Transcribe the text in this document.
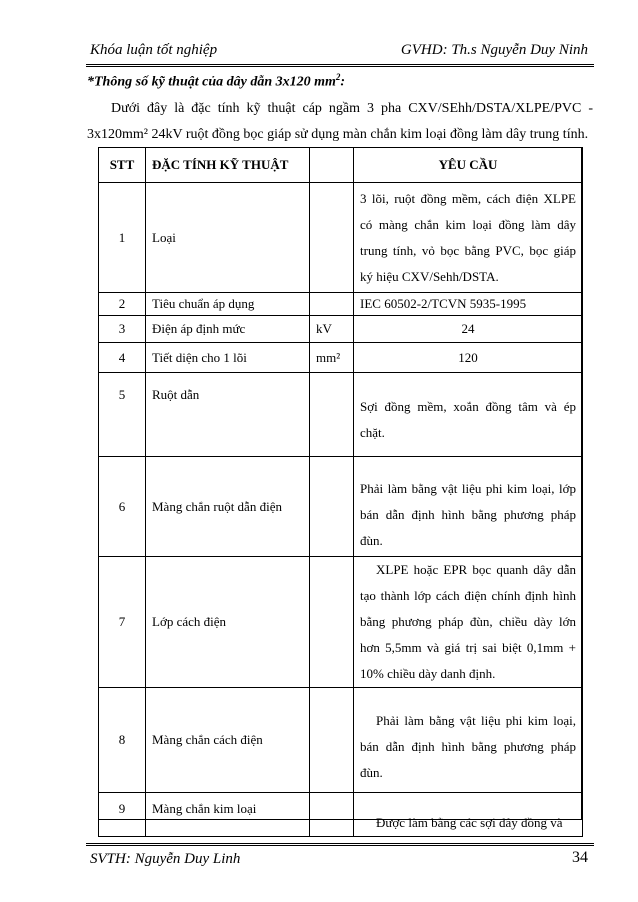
Khóa luận tốt nghiệp	GVHD: Th.s Nguyễn Duy Ninh
*Thông số kỹ thuật của dây dẫn 3x120 $mm^2$:
Dưới đây là đặc tính kỹ thuật cáp ngầm 3 pha CXV/SEhh/DSTA/XLPE/PVC - 3x120mm² 24kV ruột đồng bọc giáp sử dụng màn chắn kim loại đồng làm dây trung tính.
STT	ĐẶC TÍNH KỸ THUẬT		YÊU CẦU
1	Loại		3 lõi, ruột đồng mềm, cách điện XLPE có màng chắn kim loại đồng làm dây trung tính, vỏ bọc bằng PVC, bọc giáp ký hiệu CXV/Sehh/DSTA.
2	Tiêu chuẩn áp dụng		IEC 60502-2/TCVN 5935-1995
3	Điện áp định mức	kV	24
4	Tiết diện cho 1 lõi	mm²	120
5	Ruột dẫn		Sợi đồng mềm, xoắn đồng tâm và ép chặt.
6	Màng chắn ruột dẫn điện		Phải làm bằng vật liệu phi kim loại, lớp bán dẫn định hình bằng phương pháp đùn.
7	Lớp cách điện		XLPE hoặc EPR bọc quanh dây dẫn tạo thành lớp cách điện chính định hình bằng phương pháp đùn, chiều dày lớn hơn 5,5mm và giá trị sai biệt 0,1mm + 10% chiều dày danh định.
8	Màng chắn cách điện		Phải làm bằng vật liệu phi kim loại, bán dẫn định hình bằng phương pháp đùn.
9	Màng chắn kim loại		Được làm bằng các sợi dây đồng và
SVTH: Nguyễn Duy Linh	34
